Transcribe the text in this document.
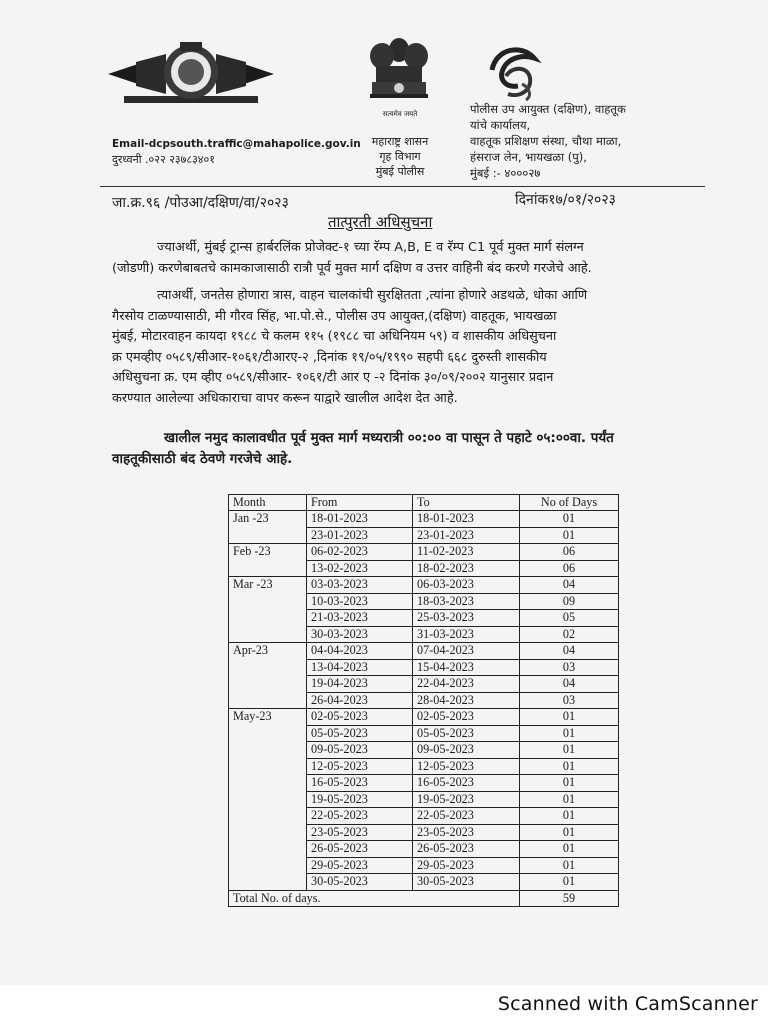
सत्यमेव जयते
Email-dcpsouth.traffic@mahapolice.gov.in
दुरध्वनी .०२२ २३७८३४०१
महाराष्ट्र शासन
गृह विभाग
मुंबई पोलीस
पोलीस उप आयुक्त (दक्षिण), वाहतूक
यांचे कार्यालय,
वाहतूक प्रशिक्षण संस्था, चौथा माळा,
हंसराज लेन, भायखळा (पु),
मुंबई :- ४०००२७
जा.क्र.९६ /पोउआ/दक्षिण/वा/२०२३	दिनांक१७/०१/२०२३
तात्पुरती अधिसुचना
ज्याअर्थी, मुंबई ट्रान्स हार्बरलिंक प्रोजेक्ट-१ च्या रॅम्प A,B, E व रॅम्प C1 पूर्व मुक्त मार्ग संलग्न
(जोडणी) करणेबाबतचे कामकाजासाठी रात्रौ पूर्व मुक्त मार्ग दक्षिण व उत्तर वाहिनी बंद करणे गरजेचे आहे.
त्याअर्थी, जनतेस होणारा त्रास, वाहन चालकांची सुरक्षितता ,त्यांना होणारे अडथळे, धोका आणि
गैरसोय टाळण्यासाठी, मी गौरव सिंह, भा.पो.से., पोलीस उप आयुक्त,(दक्षिण) वाहतूक, भायखळा
मुंबई, मोटारवाहन कायदा १९८८ चे कलम ११५ (१९८८ चा अधिनियम ५९) व शासकीय अधिसुचना
क्र एमव्हीए ०५८९/सीआर-१०६१/टीआरए-२ ,दिनांक १९/०५/१९९० सहपी ६६८ दुरुस्ती शासकीय
अधिसुचना क्र. एम व्हीए ०५८९/सीआर- १०६१/टी आर ए -२ दिनांक ३०/०९/२००२ यानुसार प्रदान
करण्यात आलेल्या अधिकाराचा वापर करून याद्वारे खालील आदेश देत आहे.
खालील नमुद कालावधीत पूर्व मुक्त मार्ग मध्यरात्री ००:०० वा पासून ते पहाटे ०५:००वा. पर्यंत
वाहतूकीसाठी बंद ठेवणे गरजेचे आहे.
Month	From	To	No of Days
Jan -23	18-01-2023	18-01-2023	01
	23-01-2023	23-01-2023	01
Feb -23	06-02-2023	11-02-2023	06
	13-02-2023	18-02-2023	06
Mar -23	03-03-2023	06-03-2023	04
	10-03-2023	18-03-2023	09
	21-03-2023	25-03-2023	05
	30-03-2023	31-03-2023	02
Apr-23	04-04-2023	07-04-2023	04
	13-04-2023	15-04-2023	03
	19-04-2023	22-04-2023	04
	26-04-2023	28-04-2023	03
May-23	02-05-2023	02-05-2023	01
	05-05-2023	05-05-2023	01
	09-05-2023	09-05-2023	01
	12-05-2023	12-05-2023	01
	16-05-2023	16-05-2023	01
	19-05-2023	19-05-2023	01
	22-05-2023	22-05-2023	01
	23-05-2023	23-05-2023	01
	26-05-2023	26-05-2023	01
	29-05-2023	29-05-2023	01
	30-05-2023	30-05-2023	01
Total No. of days.			59
Scanned with CamScanner
